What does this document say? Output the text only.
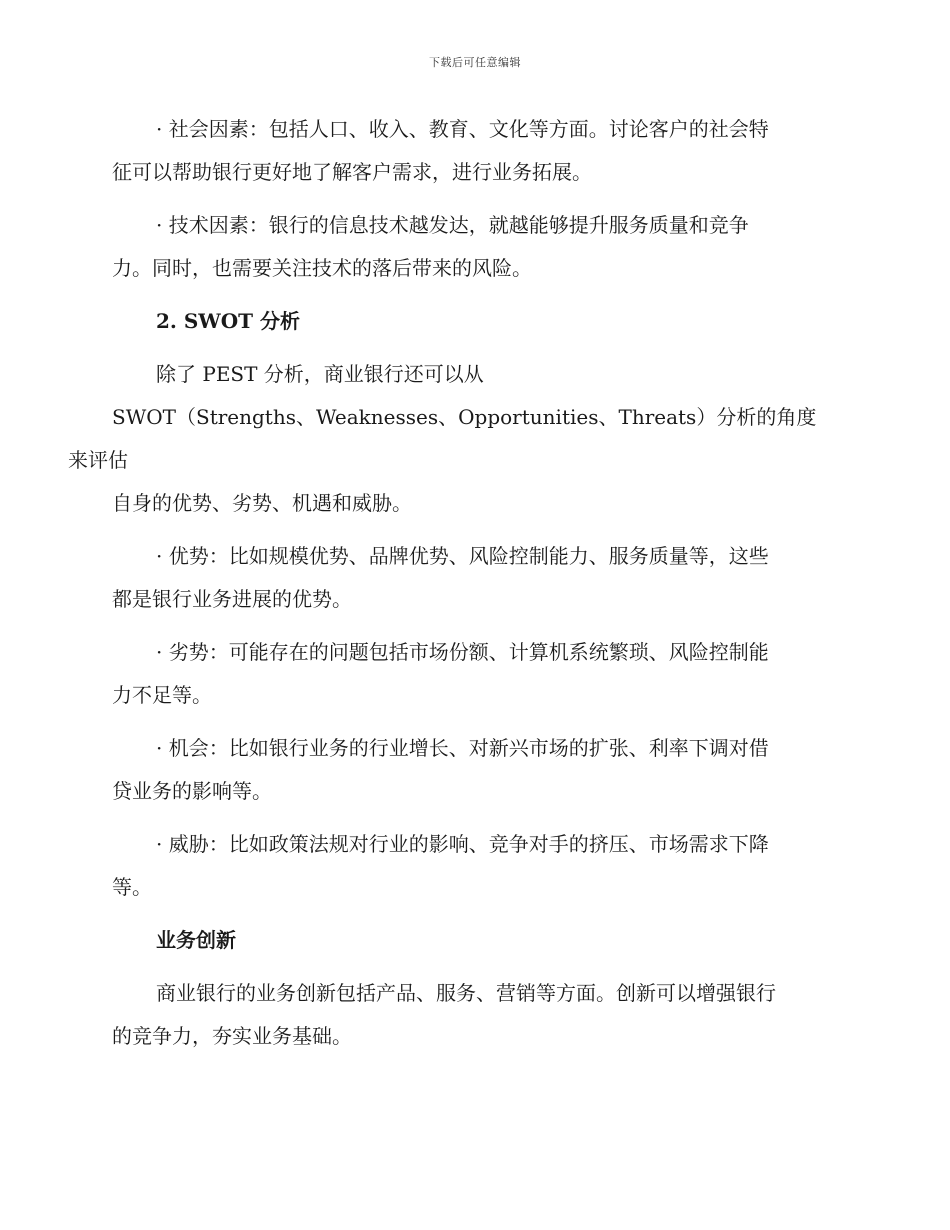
下载后可任意编辑

· 社会因素：包括人口、收入、教育、文化等方面。讨论客户的社会特
征可以帮助银行更好地了解客户需求，进行业务拓展。

· 技术因素：银行的信息技术越发达，就越能够提升服务质量和竞争
力。同时，也需要关注技术的落后带来的风险。

2. SWOT 分析

除了 PEST 分析，商业银行还可以从
SWOT（Strengths、Weaknesses、Opportunities、Threats）分析的角度来评估
自身的优势、劣势、机遇和威胁。

· 优势：比如规模优势、品牌优势、风险控制能力、服务质量等，这些
都是银行业务进展的优势。

· 劣势：可能存在的问题包括市场份额、计算机系统繁琐、风险控制能
力不足等。

· 机会：比如银行业务的行业增长、对新兴市场的扩张、利率下调对借
贷业务的影响等。

· 威胁：比如政策法规对行业的影响、竞争对手的挤压、市场需求下降
等。

业务创新

商业银行的业务创新包括产品、服务、营销等方面。创新可以增强银行
的竞争力，夯实业务基础。
